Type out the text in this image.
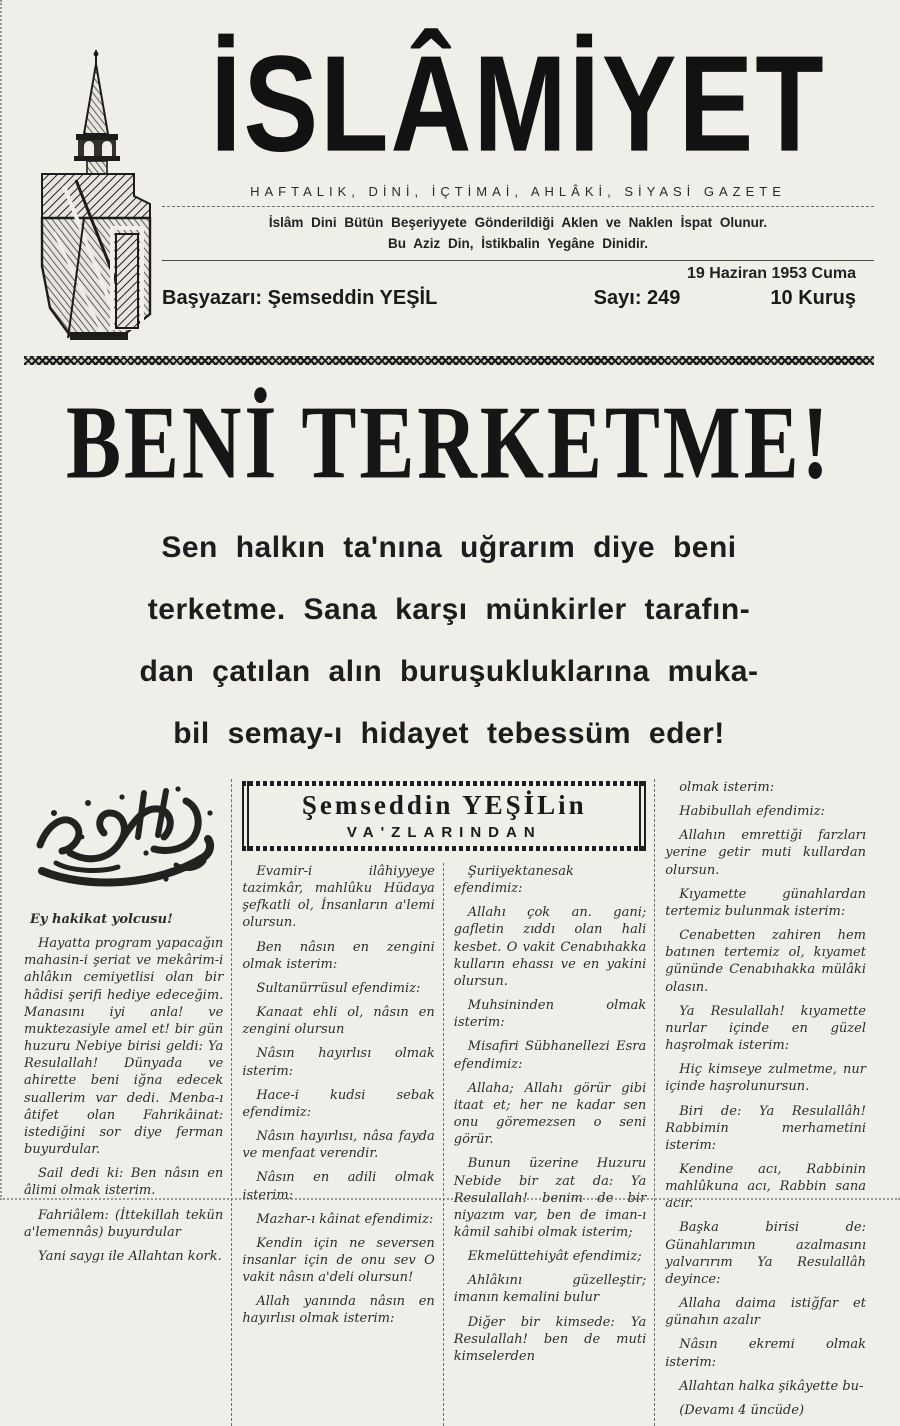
İSLÂMİYET
HAFTALIK, DİNİ, İÇTİMAİ, AHLÂKİ, SİYASİ GAZETE
İslâm Dini Bütün Beşeriyyete Gönderildiği Aklen ve Naklen İspat Olunur.
Bu Aziz Din, İstikbalin Yegâne Dinidir.
19 Haziran 1953 Cuma
Başyazarı: Şemseddin YEŞİL	Sayı: 249	10 Kuruş
BENİ TERKETME!
Sen halkın ta'nına uğrarım diye beni
terketme. Sana karşı münkirler tarafın-
dan çatılan alın buruşukluklarına muka-
bil semay-ı hidayet tebessüm eder!

Ey hakikat yolcusu!

Hayatta program yapacağın mahasin-i şeriat ve mekârim-i ahlâkın cemiyetlisi olan bir hâdisi şerifi hediye edeceğim. Manasını iyi anla! ve muktezasiyle amel et! bir gün huzuru Nebiye birisi geldi: Ya Resulallah! Dünyada ve ahirette beni iğna edecek suallerim var dedi. Menba-ı âtifet olan Fahrikâinat: istediğini sor diye ferman buyurdular.

Sail dedi ki: Ben nâsın en âlimi olmak isterim.

Fahriâlem: (İttekillah tekün a'lemennâs) buyurdular

Yani saygı ile Allahtan kork.

Şemseddin YEŞİLin
VA'ZLARINDAN

Evamir-i ilâhiyyeye tazimkâr, mahlûku Hüdaya şefkatli ol, İnsanların a'lemi olursun.

Ben nâsın en zengini olmak isterim:

Sultanürrüsul efendimiz:

Kanaat ehli ol, nâsın en zengini olursun

Nâsın hayırlısı olmak isterim:

Hace-i kudsi sebak efendimiz:

Nâsın hayırlısı, nâsa fayda ve menfaat verendir.

Nâsın en adili olmak isterim:

Mazhar-ı kâinat efendimiz:

Kendin için ne seversen insanlar için de onu sev O vakit nâsın a'deli olursun!

Allah yanında nâsın en hayırlısı olmak isterim:

Şuriiyektanesak efendimiz:

Allahı çok an. gani; gafletin zıddı olan hali kesbet. O vakit Cenabıhakka kulların ehassı ve en yakini olursun.

Muhsininden olmak isterim:

Misafiri Sübhanellezi Esra efendimiz:

Allaha; Allahı görür gibi itaat et; her ne kadar sen onu göremezsen o seni görür.

Bunun üzerine Huzuru Nebide bir zat da: Ya Resulallah! benim de bir niyazım var, ben de iman-ı kâmil sahibi olmak isterim;

Ekmelüttehiyât efendimiz;

Ahlâkını güzelleştir; imanın kemalini bulur

Diğer bir kimsede: Ya Resulallah! ben de muti kimselerden

olmak isterim:

Habibullah efendimiz:

Allahın emrettiği farzları yerine getir muti kullardan olursun.

Kıyamette günahlardan tertemiz bulunmak isterim:

Cenabetten zahiren hem batınen tertemiz ol, kıyamet gününde Cenabıhakka mülâki olasın.

Ya Resulallah! kıyamette nurlar içinde en güzel haşrolmak isterim:

Hiç kimseye zulmetme, nur içinde haşrolunursun.

Biri de: Ya Resulallâh! Rabbimin merhametini isterim:

Kendine acı, Rabbinin mahlûkuna acı, Rabbin sana acır.

Başka birisi de: Günahlarımın azalmasını yalvarırım Ya Resulallâh deyince:

Allaha daima istiğfar et günahın azalır

Nâsın ekremi olmak isterim:

Allahtan halka şikâyette bu-

(Devamı 4 üncüde)
